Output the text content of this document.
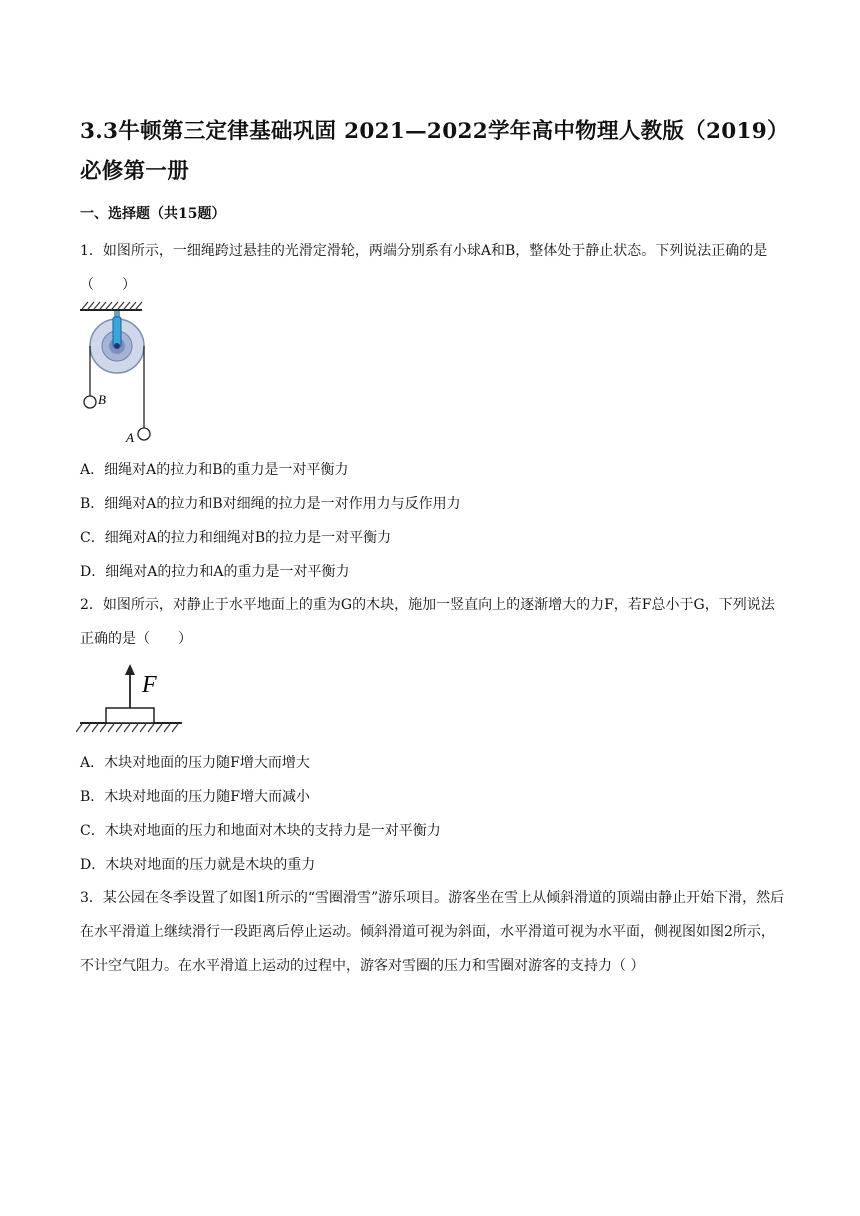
3.3牛顿第三定律基础巩固 2021—2022学年高中物理人教版（2019）必修第一册
一、选择题（共15题）
1．如图所示，一细绳跨过悬挂的光滑定滑轮，两端分别系有小球A和B，整体处于静止状态。下列说法正确的是（　　）
B
A
A．细绳对A的拉力和B的重力是一对平衡力
B．细绳对A的拉力和B对细绳的拉力是一对作用力与反作用力
C．细绳对A的拉力和细绳对B的拉力是一对平衡力
D．细绳对A的拉力和A的重力是一对平衡力
2．如图所示，对静止于水平地面上的重为G的木块，施加一竖直向上的逐渐增大的力F，若F总小于G，下列说法正确的是（　　）
F
A．木块对地面的压力随F增大而增大
B．木块对地面的压力随F增大而减小
C．木块对地面的压力和地面对木块的支持力是一对平衡力
D．木块对地面的压力就是木块的重力
3．某公园在冬季设置了如图1所示的“雪圈滑雪”游乐项目。游客坐在雪上从倾斜滑道的顶端由静止开始下滑，然后在水平滑道上继续滑行一段距离后停止运动。倾斜滑道可视为斜面，水平滑道可视为水平面，侧视图如图2所示，不计空气阻力。在水平滑道上运动的过程中，游客对雪圈的压力和雪圈对游客的支持力（ ）
